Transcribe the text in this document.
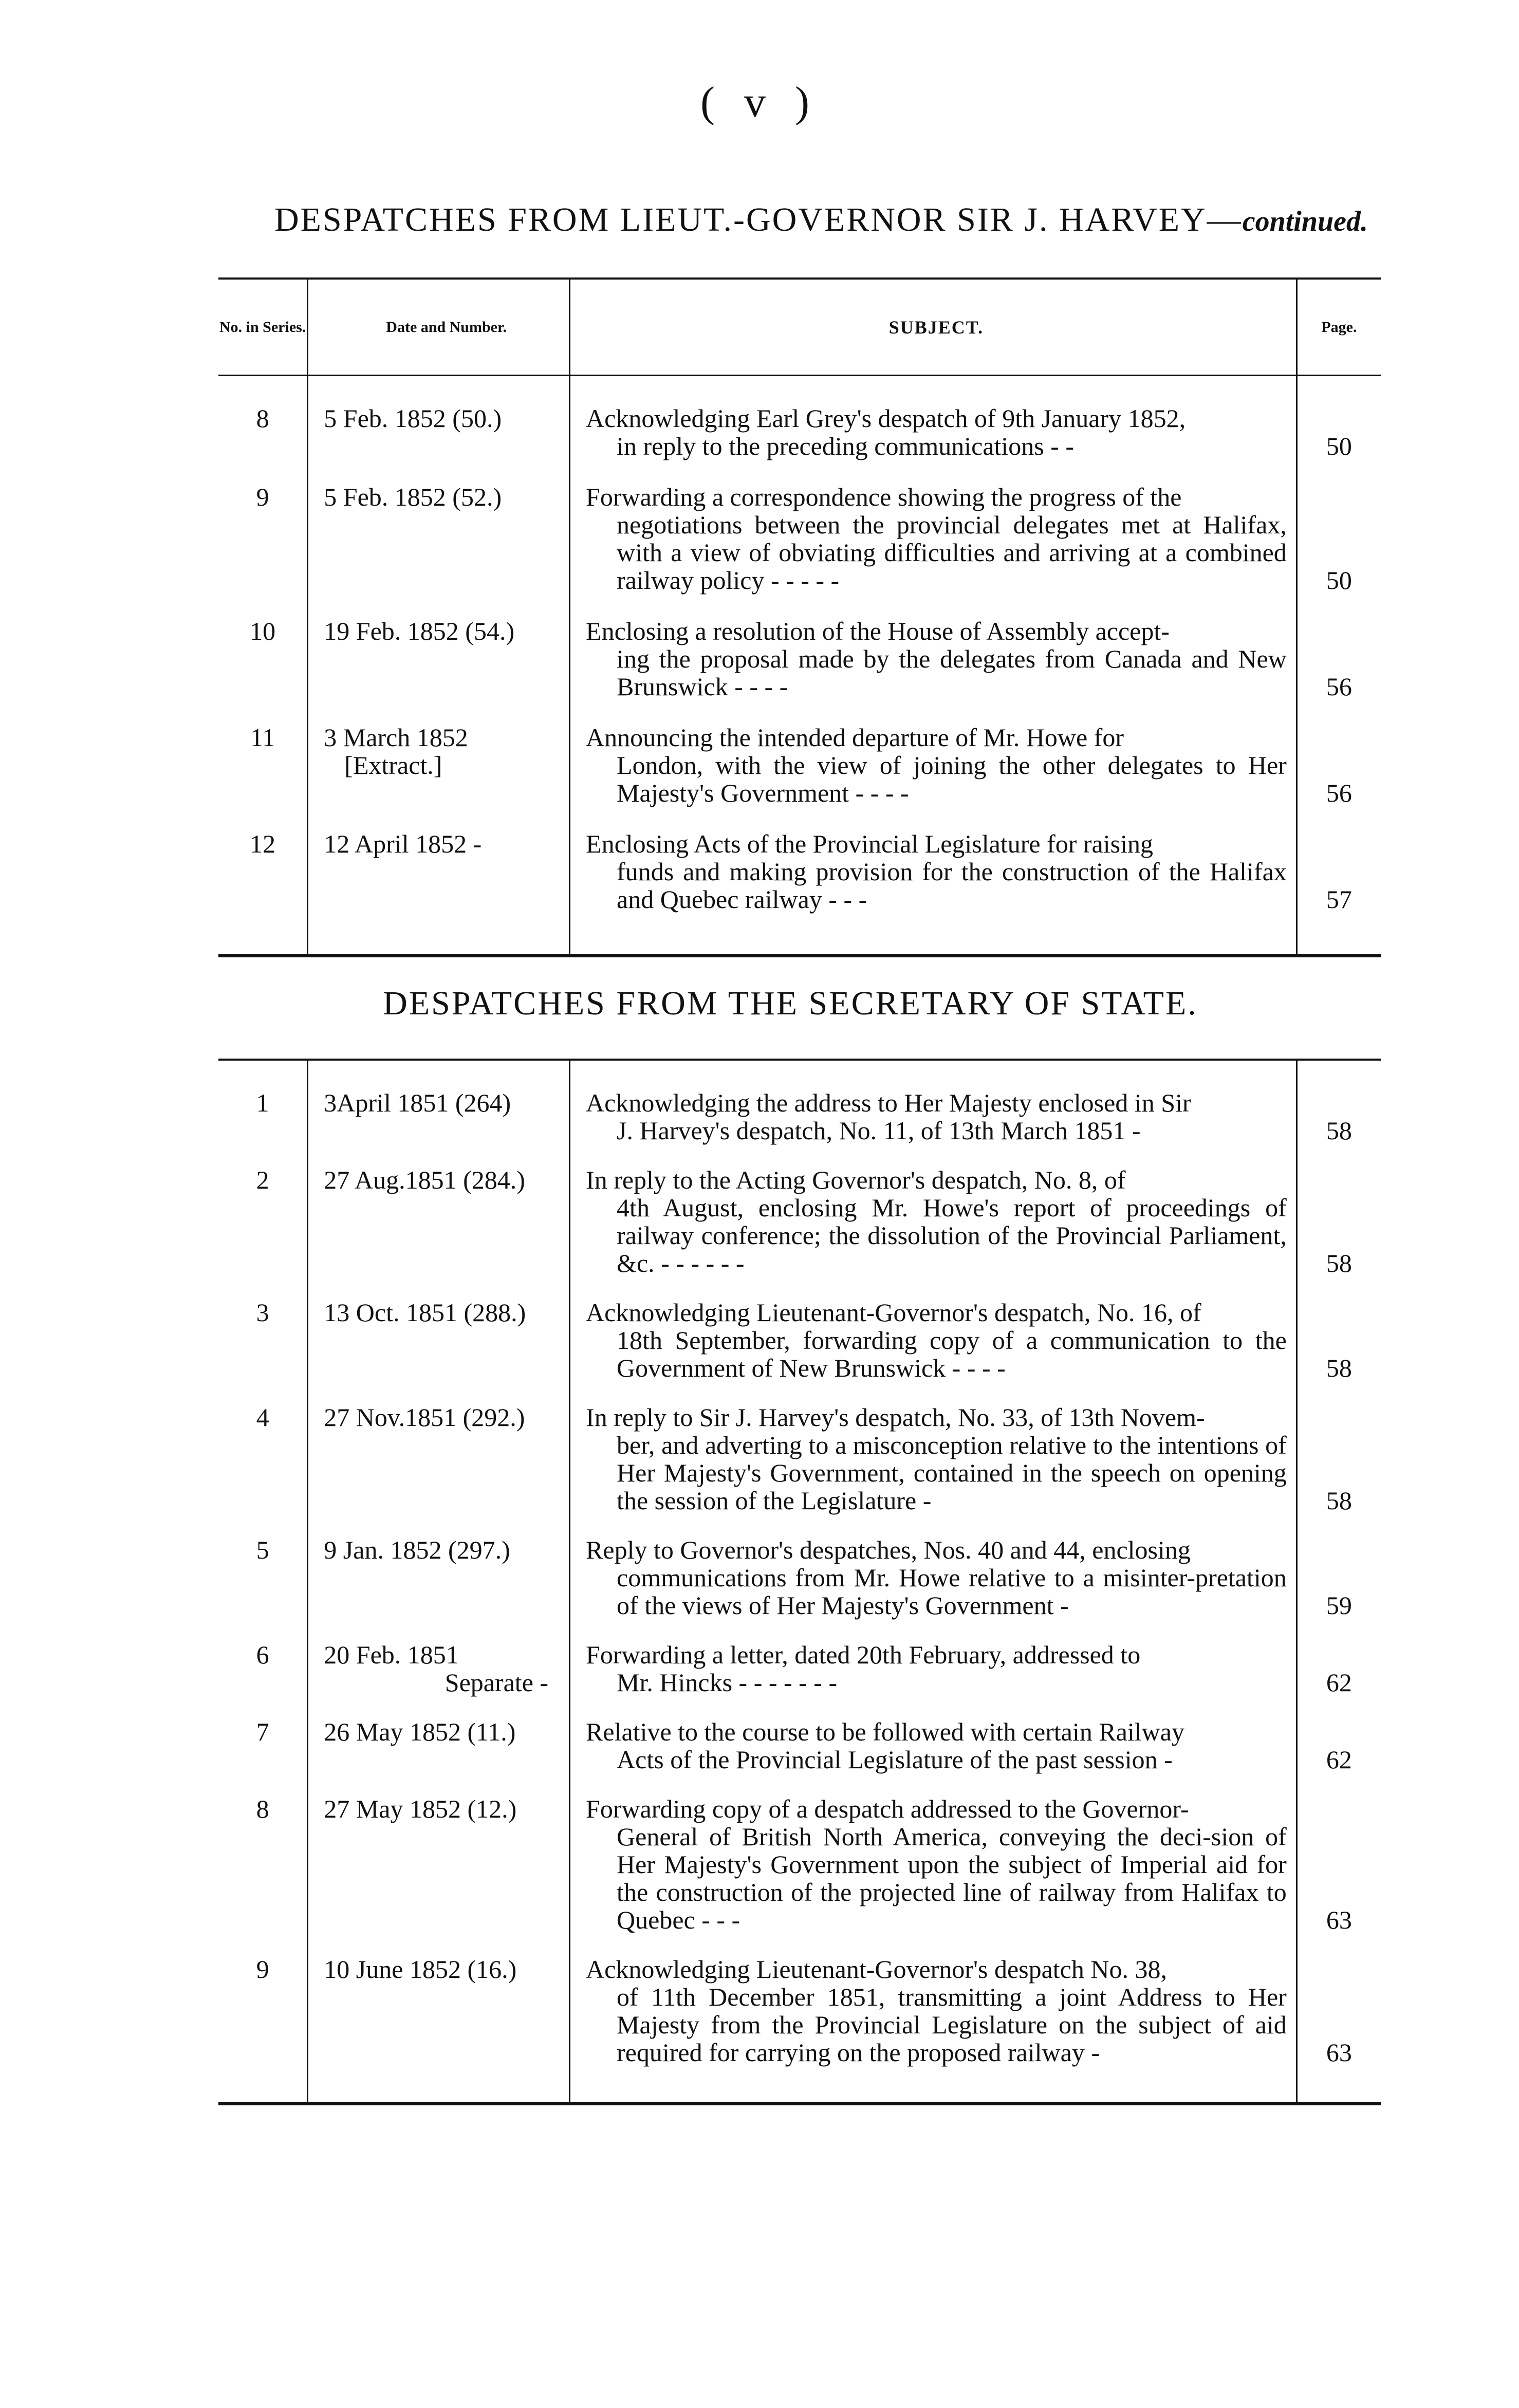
( v )
DESPATCHES FROM LIEUT.-GOVERNOR SIR J. HARVEY—continued.
No. in Series.	Date and Number.	SUBJECT.	Page.
8	5 Feb. 1852 (50.)	Acknowledging Earl Grey's despatch of 9th January 1852,
in reply to the preceding communications - -	50
9	5 Feb. 1852 (52.)	Forwarding a correspondence showing the progress of the
negotiations between the provincial delegates met at Halifax, with a view of obviating difficulties and arriving at a combined railway policy - - - - -	50
10	19 Feb. 1852 (54.)	Enclosing a resolution of the House of Assembly accept-
ing the proposal made by the delegates from Canada and New Brunswick - - - -	56
11	3 March 1852
[Extract.]	Announcing the intended departure of Mr. Howe for
London, with the view of joining the other delegates to Her Majesty's Government - - - -	56
12	12 April 1852 -	Enclosing Acts of the Provincial Legislature for raising
funds and making provision for the construction of the Halifax and Quebec railway - - -	57
DESPATCHES FROM THE SECRETARY OF STATE.
1	3April 1851 (264)	Acknowledging the address to Her Majesty enclosed in Sir
J. Harvey's despatch, No. 11, of 13th March 1851 -	58
2	27 Aug.1851 (284.)	In reply to the Acting Governor's despatch, No. 8, of
4th August, enclosing Mr. Howe's report of proceedings of railway conference; the dissolution of the Provincial Parliament, &c. - - - - - -	58
3	13 Oct. 1851 (288.)	Acknowledging Lieutenant-Governor's despatch, No. 16, of
18th September, forwarding copy of a communication to the Government of New Brunswick - - - -	58
4	27 Nov.1851 (292.)	In reply to Sir J. Harvey's despatch, No. 33, of 13th Novem-
ber, and adverting to a misconception relative to the intentions of Her Majesty's Government, contained in the speech on opening the session of the Legislature -	58
5	9 Jan. 1852 (297.)	Reply to Governor's despatches, Nos. 40 and 44, enclosing
communications from Mr. Howe relative to a misinter-pretation of the views of Her Majesty's Government -	59
6	20 Feb. 1851
Separate -	Forwarding a letter, dated 20th February, addressed to
Mr. Hincks - - - - - - -	62
7	26 May 1852 (11.)	Relative to the course to be followed with certain Railway
Acts of the Provincial Legislature of the past session -	62
8	27 May 1852 (12.)	Forwarding copy of a despatch addressed to the Governor-
General of British North America, conveying the deci-sion of Her Majesty's Government upon the subject of Imperial aid for the construction of the projected line of railway from Halifax to Quebec - - -	63
9	10 June 1852 (16.)	Acknowledging Lieutenant-Governor's despatch No. 38,
of 11th December 1851, transmitting a joint Address to Her Majesty from the Provincial Legislature on the subject of aid required for carrying on the proposed railway -	63
